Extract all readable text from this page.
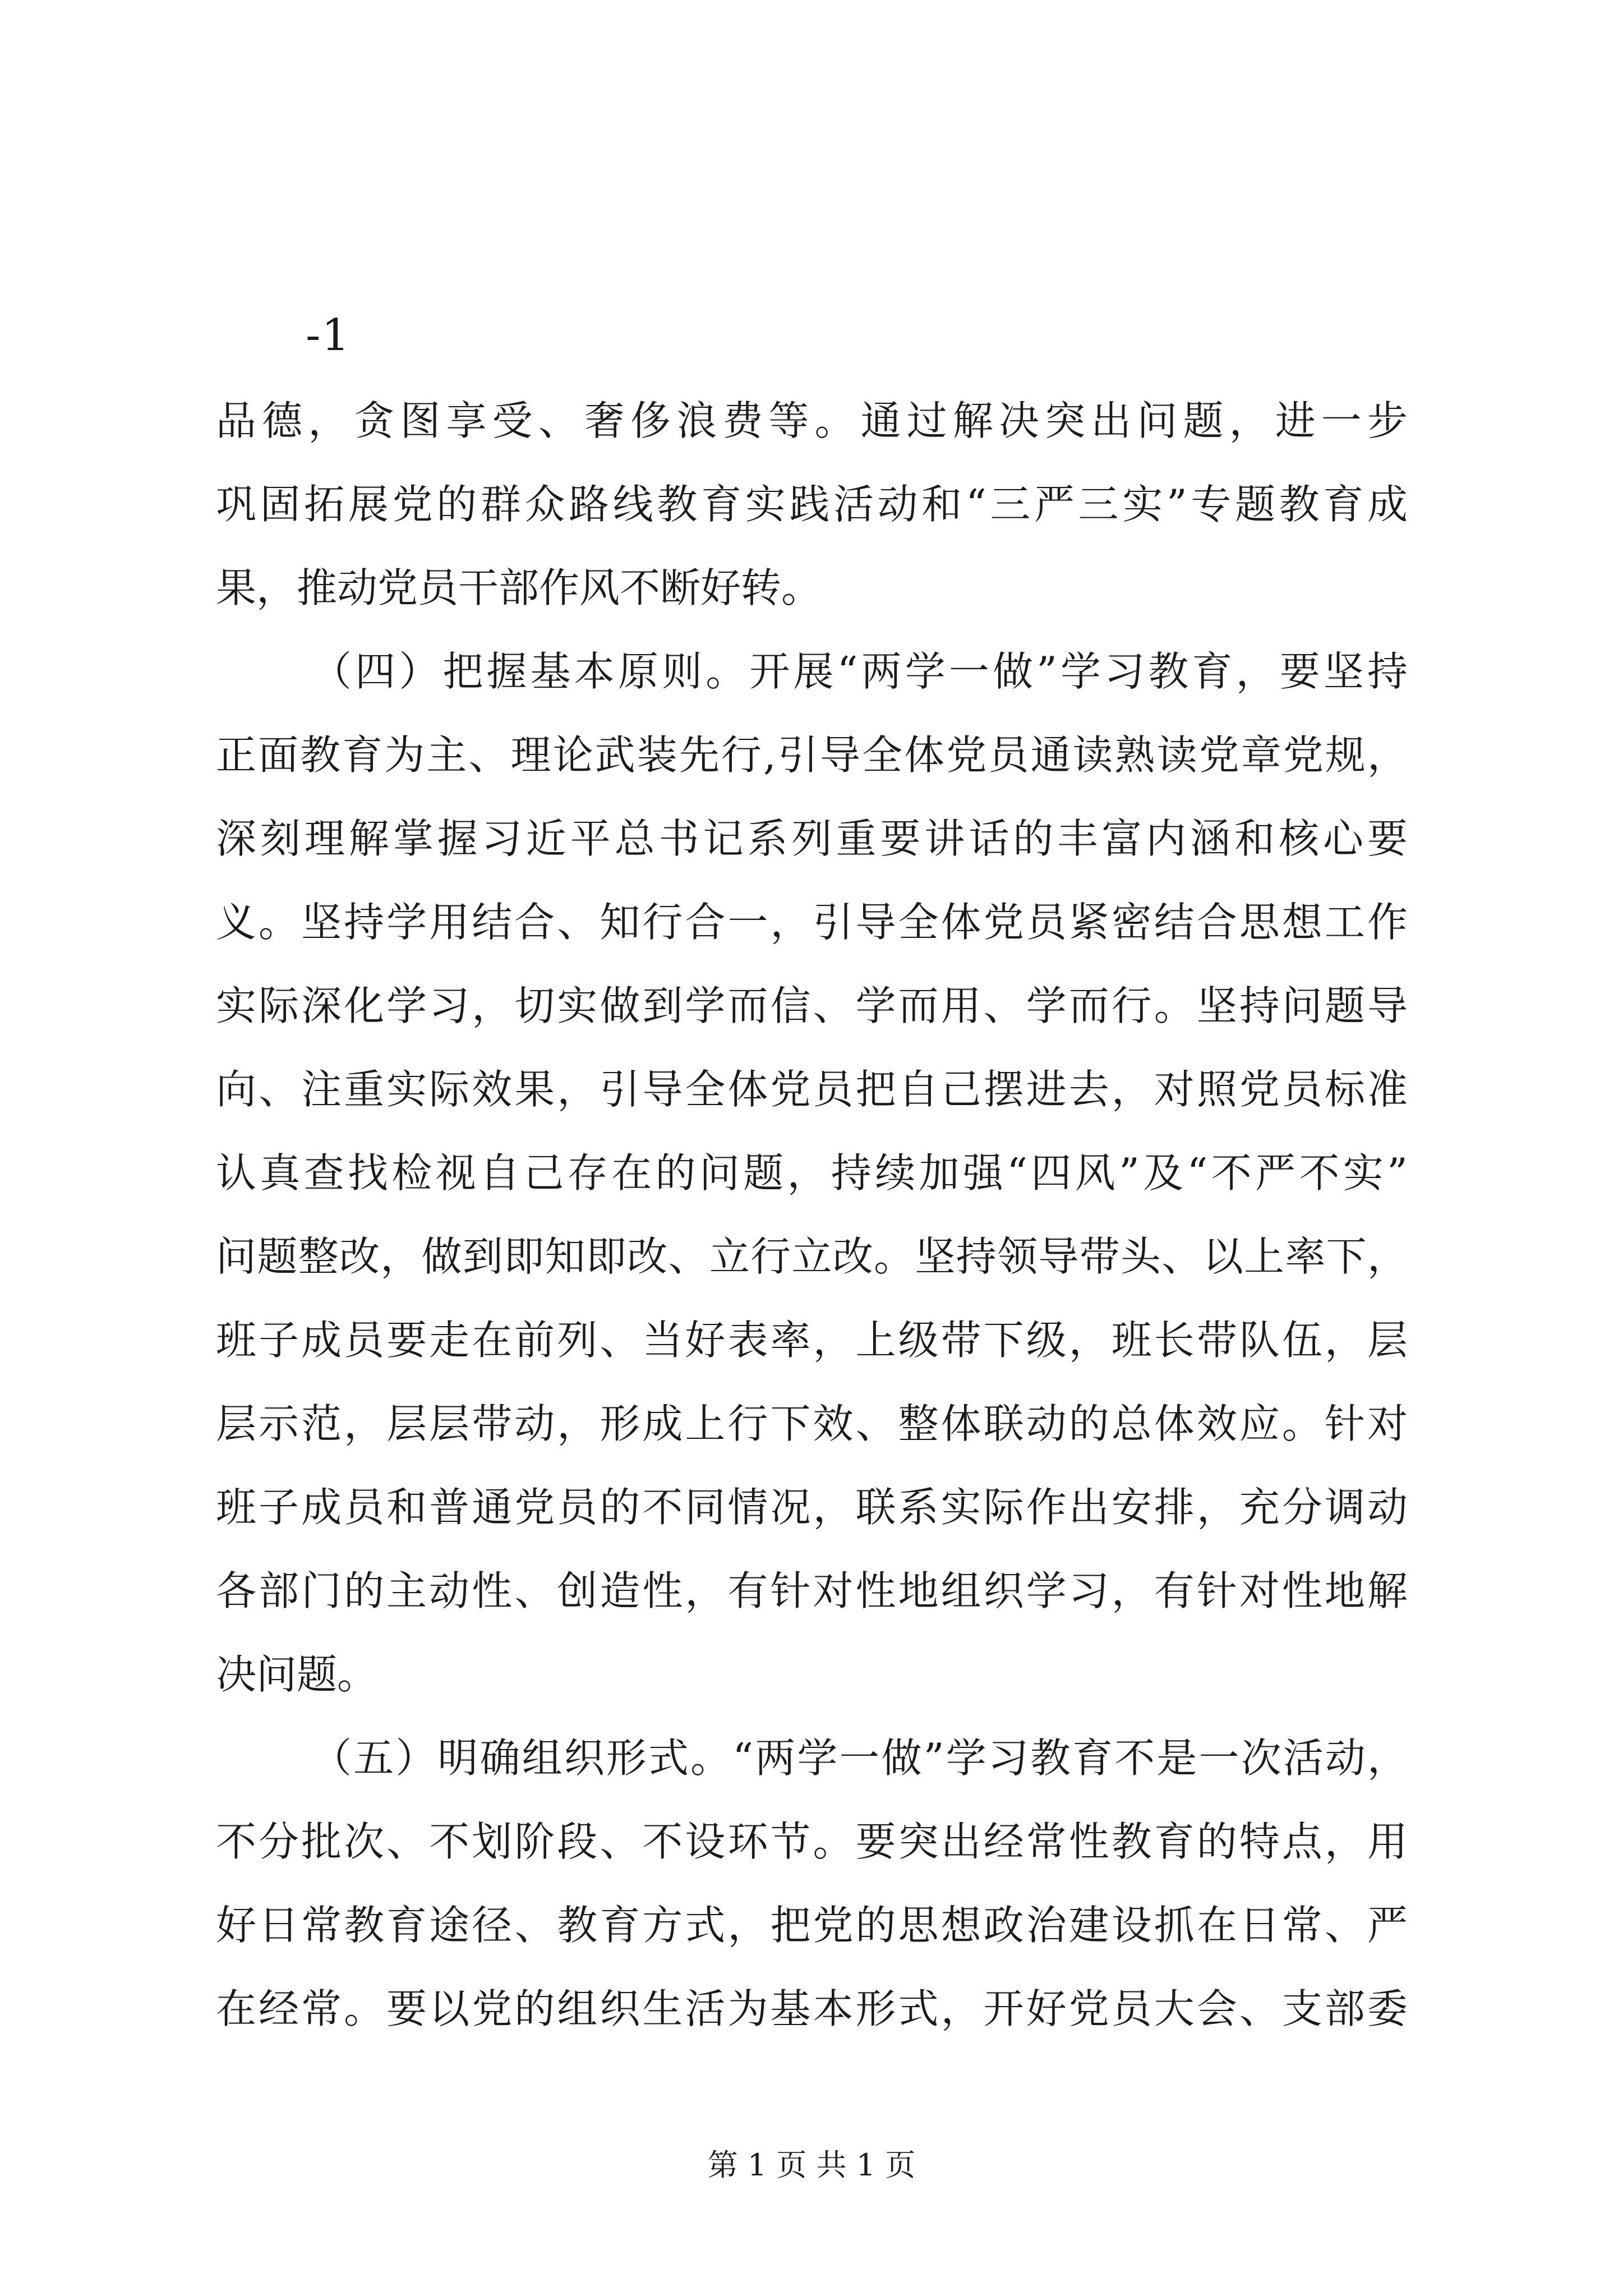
-1
品德，贪图享受、奢侈浪费等。通过解决突出问题，进一步
巩固拓展党的群众路线教育实践活动和“三严三实”专题教育成
果，推动党员干部作风不断好转。
（四）把握基本原则。开展“两学一做”学习教育，要坚持
正面教育为主、理论武装先行,引导全体党员通读熟读党章党规，
深刻理解掌握习近平总书记系列重要讲话的丰富内涵和核心要
义。坚持学用结合、知行合一，引导全体党员紧密结合思想工作
实际深化学习，切实做到学而信、学而用、学而行。坚持问题导
向、注重实际效果，引导全体党员把自己摆进去，对照党员标准
认真查找检视自己存在的问题，持续加强“四风”及“不严不实”
问题整改，做到即知即改、立行立改。坚持领导带头、以上率下，
班子成员要走在前列、当好表率，上级带下级，班长带队伍，层
层示范，层层带动，形成上行下效、整体联动的总体效应。针对
班子成员和普通党员的不同情况，联系实际作出安排，充分调动
各部门的主动性、创造性，有针对性地组织学习，有针对性地解
决问题。
（五）明确组织形式。“两学一做”学习教育不是一次活动，
不分批次、不划阶段、不设环节。要突出经常性教育的特点，用
好日常教育途径、教育方式，把党的思想政治建设抓在日常、严
在经常。要以党的组织生活为基本形式，开好党员大会、支部委
第 1 页 共 1 页
